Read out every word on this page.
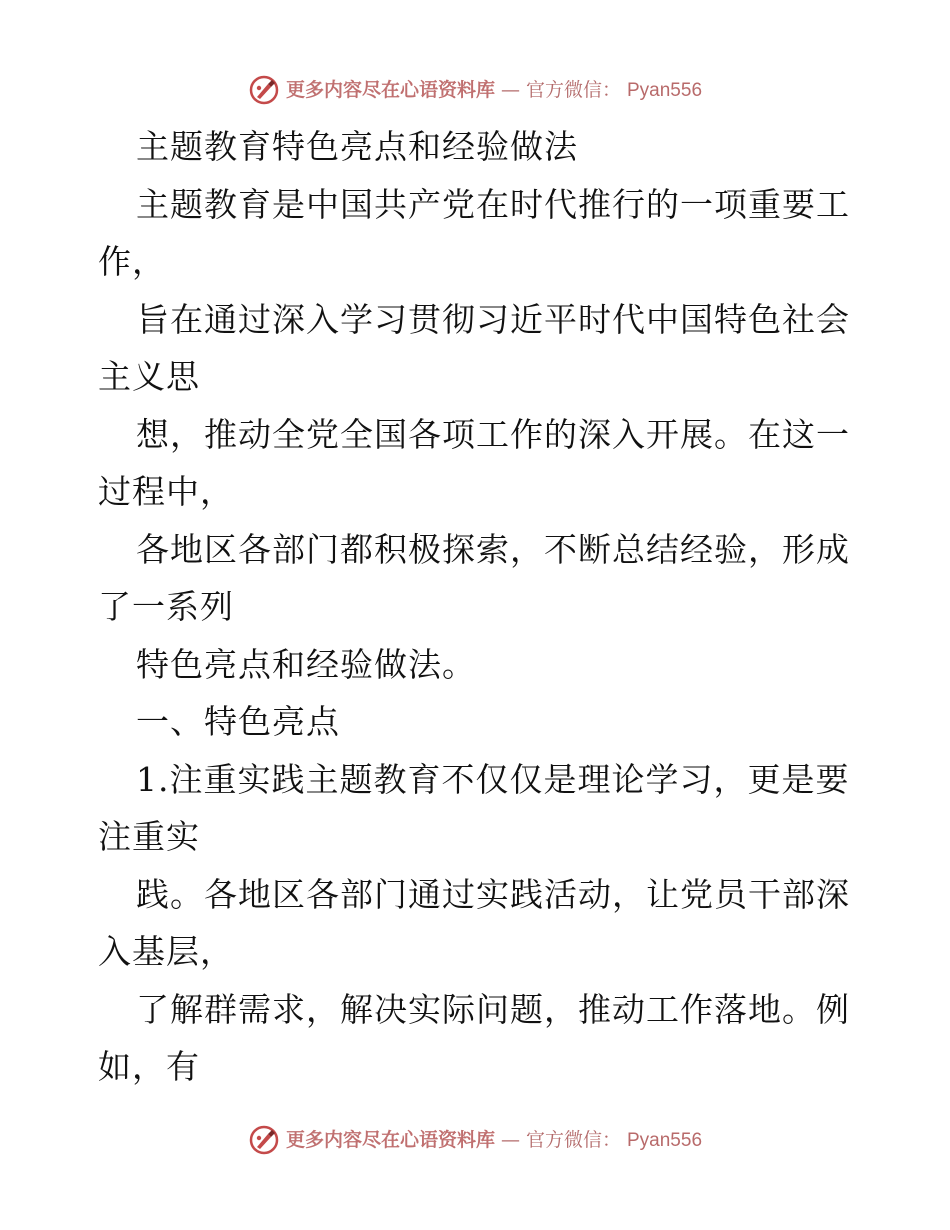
更多内容尽在心语资料库 — 官方微信： Pyan556
主题教育特色亮点和经验做法
主题教育是中国共产党在时代推行的一项重要工
作，
旨在通过深入学习贯彻习近平时代中国特色社会
主义思
想，推动全党全国各项工作的深入开展。在这一
过程中，
各地区各部门都积极探索，不断总结经验，形成
了一系列
特色亮点和经验做法。
一、特色亮点
1.注重实践主题教育不仅仅是理论学习，更是要
注重实
践。各地区各部门通过实践活动，让党员干部深
入基层，
了解群需求，解决实际问题，推动工作落地。例
如，有
更多内容尽在心语资料库 — 官方微信： Pyan556
